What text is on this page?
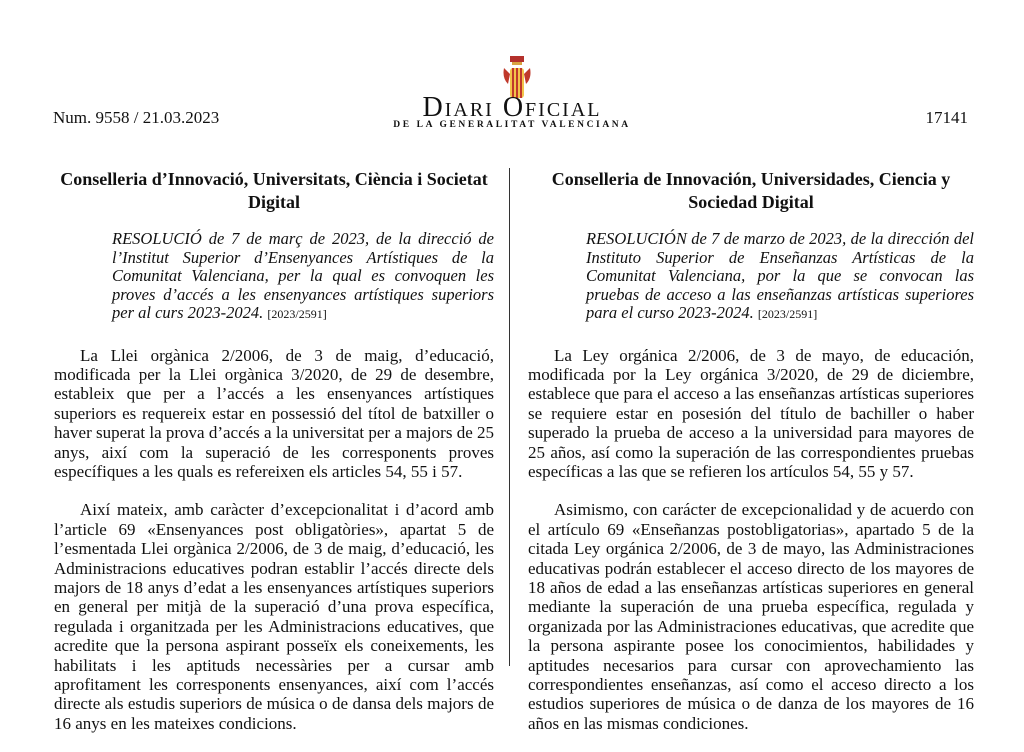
Num. 9558 / 21.03.2023	Diari Oficial
DE LA GENERALITAT VALENCIANA	17141
Conselleria d’Innovació, Universitats, Ciència i Societat Digital
RESOLUCIÓ de 7 de març de 2023, de la direcció de l’Institut Superior d’Ensenyances Artístiques de la Comunitat Valenciana, per la qual es convoquen les proves d’accés a les ensenyances artístiques superiors per al curs 2023-2024. [2023/2591]

La Llei orgànica 2/2006, de 3 de maig, d’educació, modificada per la Llei orgànica 3/2020, de 29 de desembre, estableix que per a l’accés a les ensenyances artístiques superiors es requereix estar en possessió del títol de batxiller o haver superat la prova d’accés a la universitat per a majors de 25 anys, així com la superació de les corresponents proves específiques a les quals es refereixen els articles 54, 55 i 57.

Així mateix, amb caràcter d’excepcionalitat i d’acord amb l’article 69 «Ensenyances post obligatòries», apartat 5 de l’esmentada Llei orgànica 2/2006, de 3 de maig, d’educació, les Administracions educatives podran establir l’accés directe dels majors de 18 anys d’edat a les ensenyances artístiques superiors en general per mitjà de la superació d’una prova específica, regulada i organitzada per les Administracions educatives, que acredite que la persona aspirant posseïx els coneixements, les habilitats i les aptituds necessàries per a cursar amb aprofitament les corresponents ensenyances, així com l’accés directe als estudis superiors de música o de dansa dels majors de 16 anys en les mateixes condicions.

Conselleria de Innovación, Universidades, Ciencia y Sociedad Digital
RESOLUCIÓN de 7 de marzo de 2023, de la dirección del Instituto Superior de Enseñanzas Artísticas de la Comunitat Valenciana, por la que se convocan las pruebas de acceso a las enseñanzas artísticas superiores para el curso 2023-2024. [2023/2591]

La Ley orgánica 2/2006, de 3 de mayo, de educación, modificada por la Ley orgánica 3/2020, de 29 de diciembre, establece que para el acceso a las enseñanzas artísticas superiores se requiere estar en posesión del título de bachiller o haber superado la prueba de acceso a la universidad para mayores de 25 años, así como la superación de las correspondientes pruebas específicas a las que se refieren los artículos 54, 55 y 57.

Asimismo, con carácter de excepcionalidad y de acuerdo con el artículo 69 «Enseñanzas postobligatorias», apartado 5 de la citada Ley orgánica 2/2006, de 3 de mayo, las Administraciones educativas podrán establecer el acceso directo de los mayores de 18 años de edad a las enseñanzas artísticas superiores en general mediante la superación de una prueba específica, regulada y organizada por las Administraciones educativas, que acredite que la persona aspirante posee los conocimientos, habilidades y aptitudes necesarios para cursar con aprovechamiento las correspondientes enseñanzas, así como el acceso directo a los estudios superiores de música o de danza de los mayores de 16 años en las mismas condiciones.
